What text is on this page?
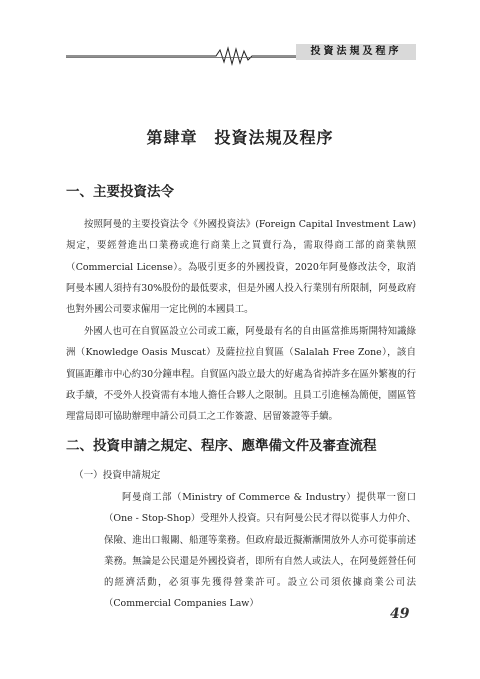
投資法規及程序
第肆章　投資法規及程序
一、主要投資法令

按照阿曼的主要投資法令《外國投資法》(Foreign Capital Investment Law)規定，要經營進出口業務或進行商業上之買賣行為，需取得商工部的商業執照（Commercial License）。為吸引更多的外國投資，2020年阿曼修改法令，取消阿曼本國人須持有30%股份的最低要求，但是外國人投入行業別有所限制，阿曼政府也對外國公司要求僱用一定比例的本國員工。

外國人也可在自貿區設立公司或工廠，阿曼最有名的自由區當推馬斯開特知識綠洲（Knowledge Oasis Muscat）及薩拉拉自貿區（Salalah Free Zone），該自貿區距離市中心約30分鐘車程。自貿區內設立最大的好處為省掉許多在區外繁複的行政手續，不受外人投資需有本地人擔任合夥人之限制。且員工引進極為簡便，園區管理當局即可協助辦理申請公司員工之工作簽證、居留簽證等手續。

二、投資申請之規定、程序、應準備文件及審查流程
（一）投資申請規定

阿曼商工部（Ministry of Commerce & Industry）提供單一窗口（One - Stop-Shop）受理外人投資。只有阿曼公民才得以從事人力仲介、保險、進出口報關、船運等業務。但政府最近擬漸漸開放外人亦可從事前述業務。無論是公民還是外國投資者，即所有自然人或法人，在阿曼經營任何的經濟活動，必須事先獲得營業許可。設立公司須依據商業公司法（Commercial Companies Law）

49
